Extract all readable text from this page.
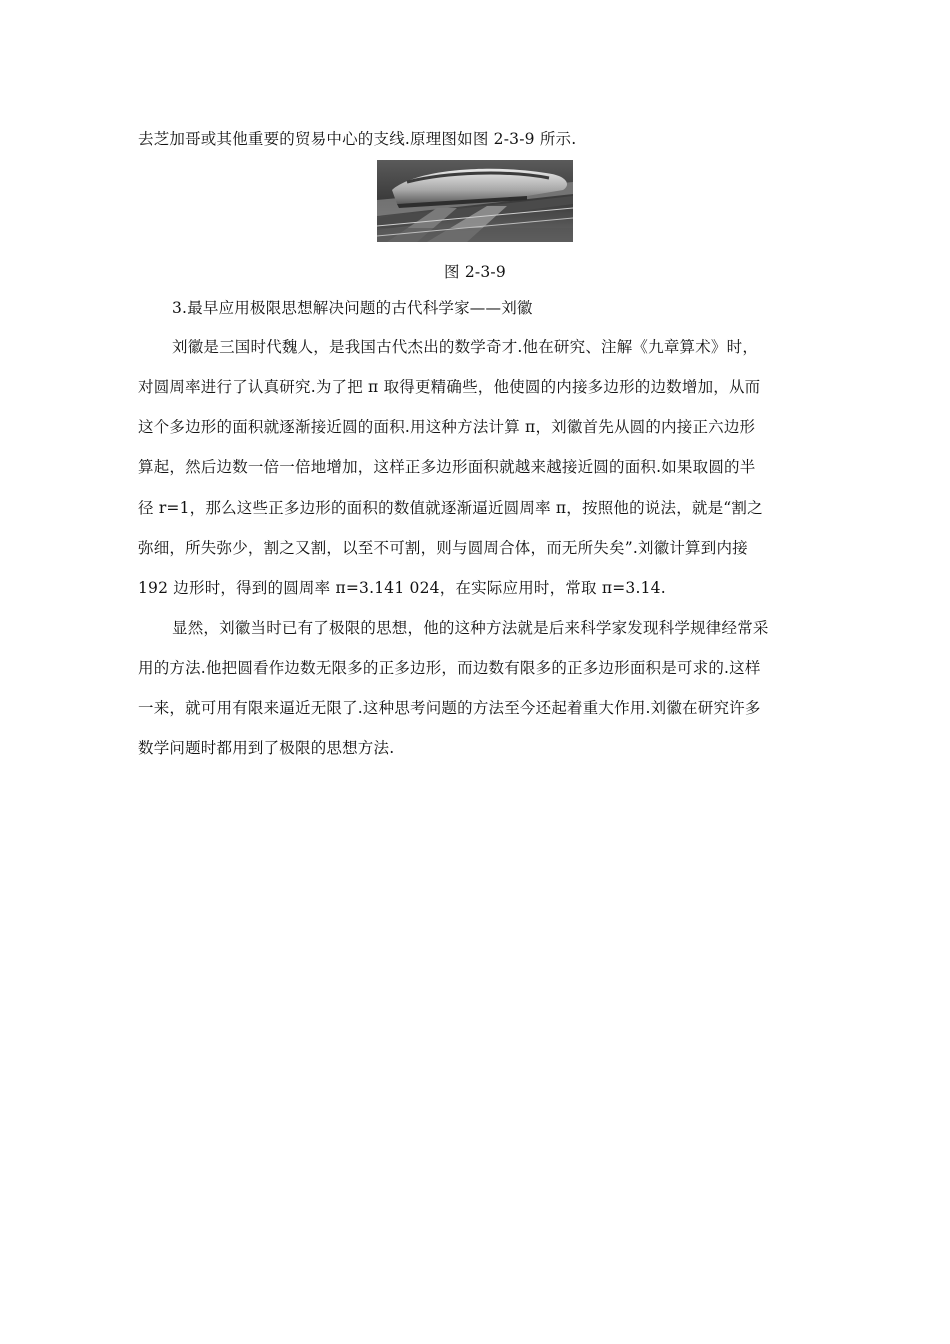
去芝加哥或其他重要的贸易中心的支线.原理图如图 2-3-9 所示.
图 2-3-9
3.最早应用极限思想解决问题的古代科学家——刘徽
刘徽是三国时代魏人，是我国古代杰出的数学奇才.他在研究、注解《九章算术》时，
对圆周率进行了认真研究.为了把 π 取得更精确些，他使圆的内接多边形的边数增加，从而
这个多边形的面积就逐渐接近圆的面积.用这种方法计算 π，刘徽首先从圆的内接正六边形
算起，然后边数一倍一倍地增加，这样正多边形面积就越来越接近圆的面积.如果取圆的半
径 r=1，那么这些正多边形的面积的数值就逐渐逼近圆周率 π，按照他的说法，就是“割之
弥细，所失弥少，割之又割，以至不可割，则与圆周合体，而无所失矣”.刘徽计算到内接
192 边形时，得到的圆周率 π=3.141 024，在实际应用时，常取 π=3.14.
显然，刘徽当时已有了极限的思想，他的这种方法就是后来科学家发现科学规律经常采
用的方法.他把圆看作边数无限多的正多边形，而边数有限多的正多边形面积是可求的.这样
一来，就可用有限来逼近无限了.这种思考问题的方法至今还起着重大作用.刘徽在研究许多
数学问题时都用到了极限的思想方法.
